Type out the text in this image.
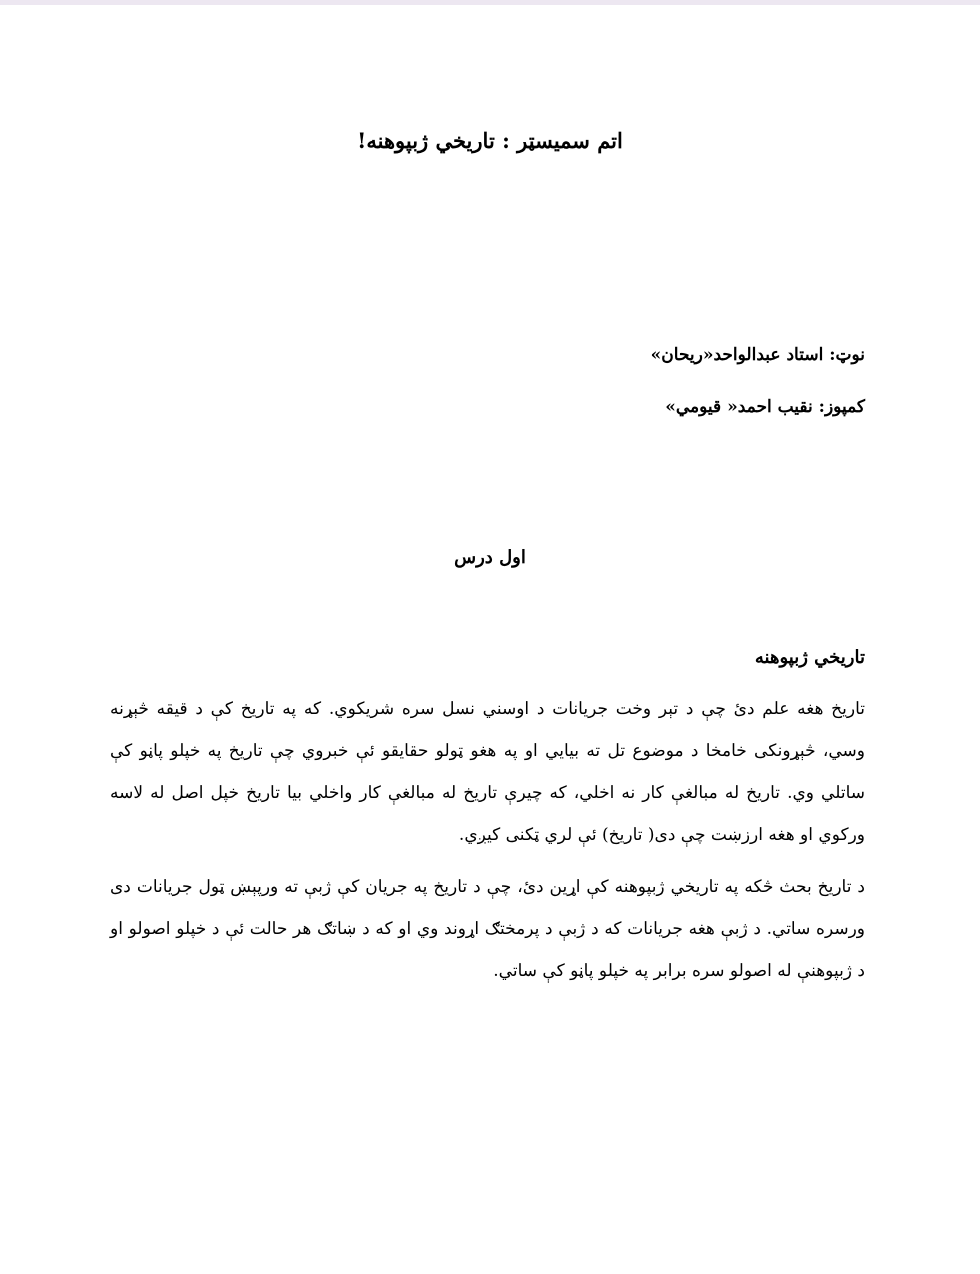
اتم سمیسټر : تاریخي ژبپوهنه!
نوټ: استاد عبدالواحد«ریحان»
کمپوز: نقیب احمد« قیومي»
اول درس
تاریخي ژبپوهنه

تاریخ هغه علم دئ چې د تېر وخت جریانات د اوسني نسل سره شریکوي. که په تاریخ کې د قیقه څېړنه وسي، څېړونکی خامخا د موضوع تل ته بیایي او په هغو ټولو حقایقو ئې خبروي چې تاریخ په خپلو پاڼو کې ساتلي وي. تاریخ له مبالغې کار نه اخلي، که چیرې تاریخ له مبالغې کار واخلي بیا تاریخ خپل اصل له لاسه ورکوي او هغه ارزښت چې دی( تاریخ) ئې لري ټکنی کیږي.

د تاریخ بحث څکه په تاریخي ژبپوهنه کې اړین دئ، چې د تاریخ په جریان کې ژبې ته ورپېښ ټول جریانات دی ورسره ساتي. د ژبې هغه جریانات که د ژبې د پرمختګ اړوند وي او که د ښاتګ هر حالت ئې د خپلو اصولو او د ژبپوهنې له اصولو سره برابر په خپلو پاڼو کې ساتي.
